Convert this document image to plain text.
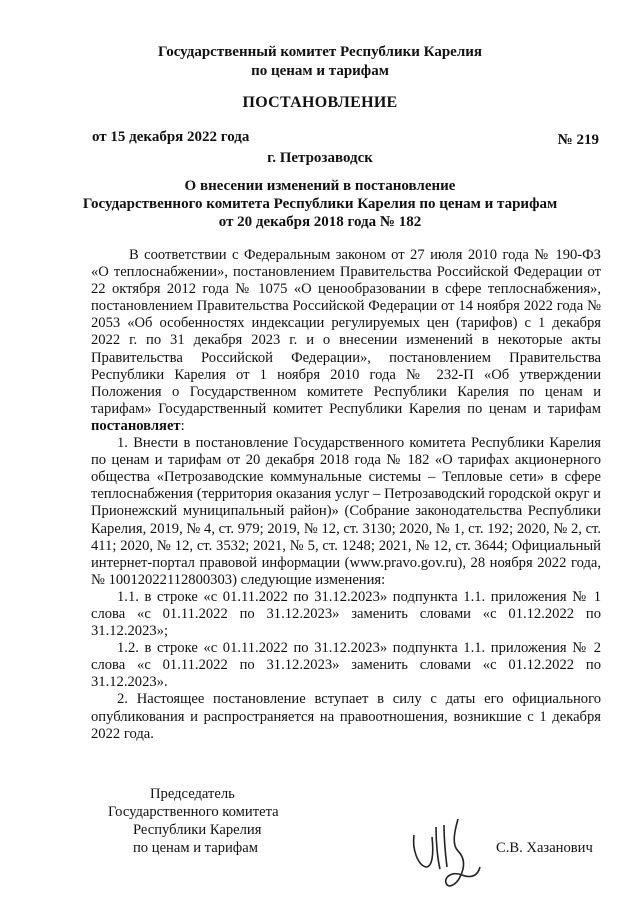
Государственный комитет Республики Карелия
по ценам и тарифам
ПОСТАНОВЛЕНИЕ
от 15 декабря 2022 года	№ 219
г. Петрозаводск
О внесении изменений в постановление
Государственного комитета Республики Карелия по ценам и тарифам
от 20 декабря 2018 года № 182

В соответствии с Федеральным законом от 27 июля 2010 года № 190-ФЗ «О теплоснабжении», постановлением Правительства Российской Федерации от 22 октября 2012 года № 1075 «О ценообразовании в сфере теплоснабжения», постановлением Правительства Российской Федерации от 14 ноября 2022 года № 2053 «Об особенностях индексации регулируемых цен (тарифов) с 1 декабря 2022 г. по 31 декабря 2023 г. и о внесении изменений в некоторые акты Правительства Российской Федерации», постановлением Правительства Республики Карелия от 1 ноября 2010 года № 232-П «Об утверждении Положения о Государственном комитете Республики Карелия по ценам и тарифам» Государственный комитет Республики Карелия по ценам и тарифам постановляет:

1. Внести в постановление Государственного комитета Республики Карелия по ценам и тарифам от 20 декабря 2018 года № 182 «О тарифах акционерного общества «Петрозаводские коммунальные системы – Тепловые сети» в сфере теплоснабжения (территория оказания услуг – Петрозаводский городской округ и Прионежский муниципальный район)» (Собрание законодательства Республики Карелия, 2019, № 4, ст. 979; 2019, № 12, ст. 3130; 2020, № 1, ст. 192; 2020, № 2, ст. 411; 2020, № 12, ст. 3532; 2021, № 5, ст. 1248; 2021, № 12, ст. 3644; Официальный интернет-портал правовой информации (www.pravo.gov.ru), 28 ноября 2022 года, № 10012022112800303) следующие изменения:

1.1. в строке «с 01.11.2022 по 31.12.2023» подпункта 1.1. приложения № 1 слова «с 01.11.2022 по 31.12.2023» заменить словами «с 01.12.2022 по 31.12.2023»;

1.2. в строке «с 01.11.2022 по 31.12.2023» подпункта 1.1. приложения № 2 слова «с 01.11.2022 по 31.12.2023» заменить словами «с 01.12.2022 по 31.12.2023».

2. Настоящее постановление вступает в силу с даты его официального опубликования и распространяется на правоотношения, возникшие с 1 декабря 2022 года.

Председатель
Государственного комитета
Республики Карелия
по ценам и тарифам	С.В. Хазанович
